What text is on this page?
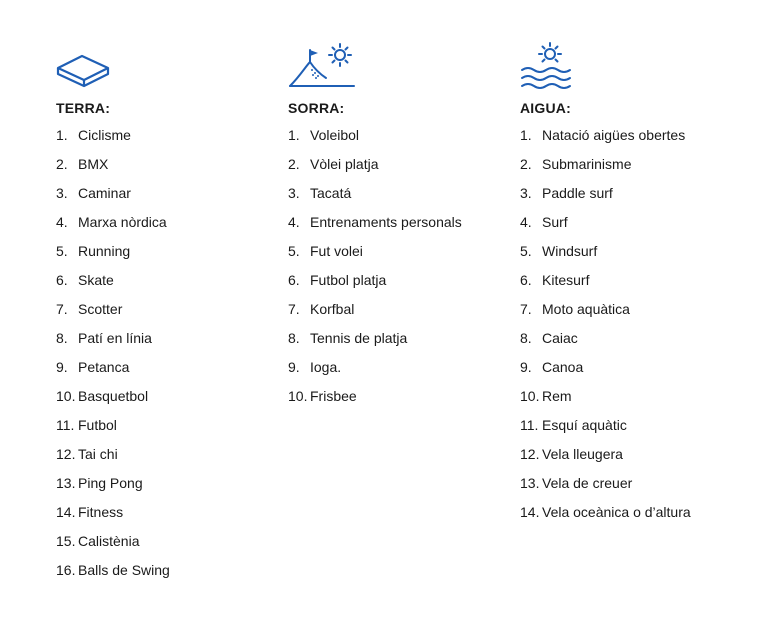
TERRA:
1. Ciclisme
2. BMX
3. Caminar
4. Marxa nòrdica
5. Running
6. Skate
7. Scotter
8. Patí en línia
9. Petanca
10. Basquetbol
11. Futbol
12. Tai chi
13. Ping Pong
14. Fitness
15. Calistènia
16. Balls de Swing
SORRA:
1. Voleibol
2. Vòlei platja
3. Tacatá
4. Entrenaments personals
5. Fut volei
6. Futbol platja
7. Korfbal
8. Tennis de platja
9. Ioga.
10. Frisbee
AIGUA:
1. Natació aigües obertes
2. Submarinisme
3. Paddle surf
4. Surf
5. Windsurf
6. Kitesurf
7. Moto aquàtica
8. Caiac
9. Canoa
10. Rem
11. Esquí aquàtic
12. Vela lleugera
13. Vela de creuer
14. Vela oceànica o d’altura
